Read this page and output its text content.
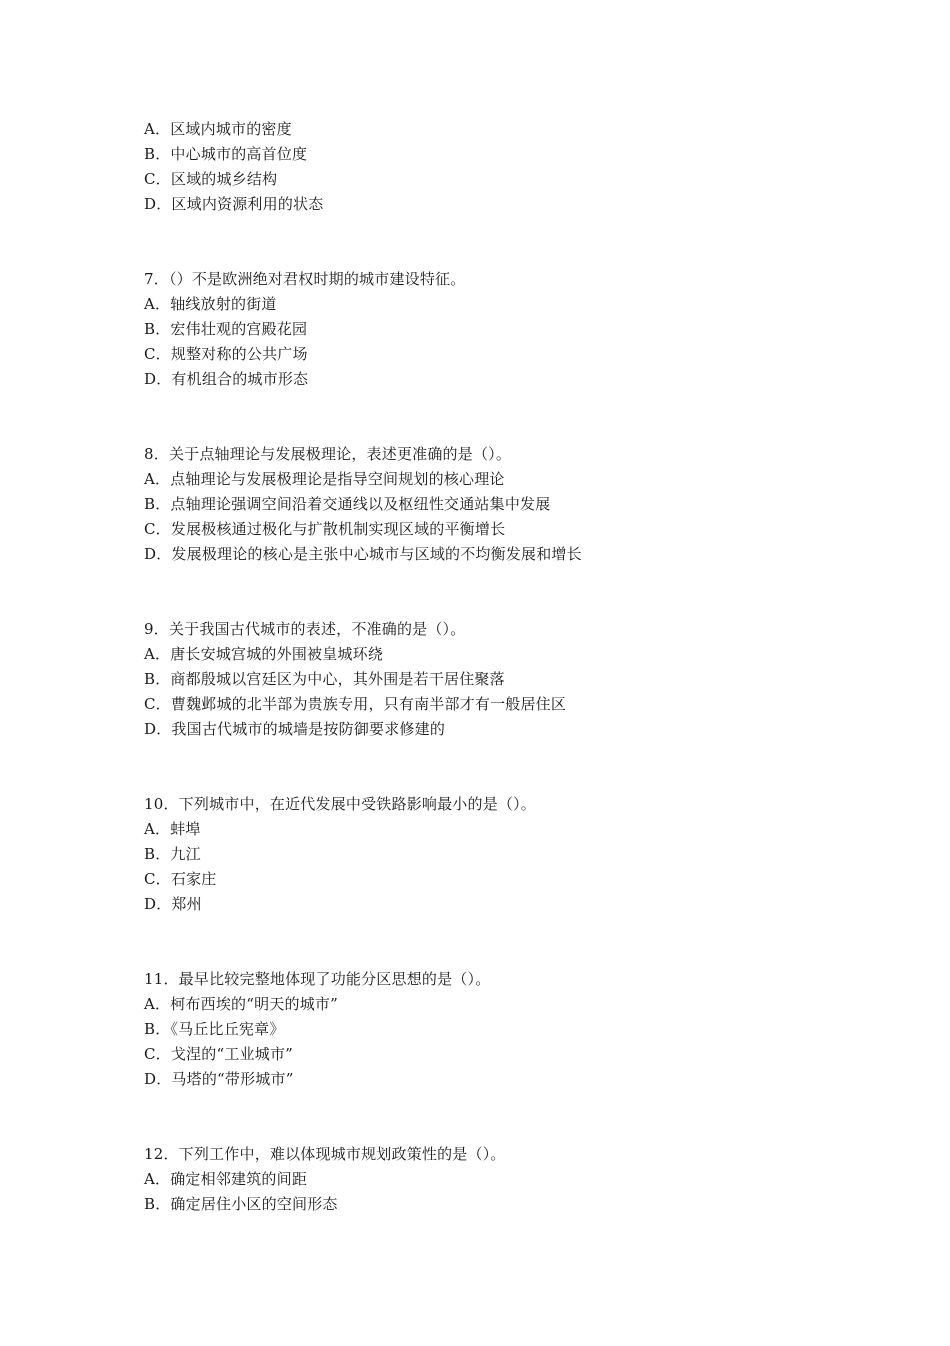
A．区域内城市的密度
B．中心城市的高首位度
C．区域的城乡结构
D．区域内资源利用的状态
7．（）不是欧洲绝对君权时期的城市建设特征。
A．轴线放射的街道
B．宏伟壮观的宫殿花园
C．规整对称的公共广场
D．有机组合的城市形态
8．关于点轴理论与发展极理论，表述更准确的是（）。
A．点轴理论与发展极理论是指导空间规划的核心理论
B．点轴理论强调空间沿着交通线以及枢纽性交通站集中发展
C．发展极核通过极化与扩散机制实现区域的平衡增长
D．发展极理论的核心是主张中心城市与区域的不均衡发展和增长
9．关于我国古代城市的表述，不准确的是（）。
A．唐长安城宫城的外围被皇城环绕
B．商都殷城以宫廷区为中心，其外围是若干居住聚落
C．曹魏邺城的北半部为贵族专用，只有南半部才有一般居住区
D．我国古代城市的城墙是按防御要求修建的
10．下列城市中，在近代发展中受铁路影响最小的是（）。
A．蚌埠
B．九江
C．石家庄
D．郑州
11．最早比较完整地体现了功能分区思想的是（）。
A．柯布西埃的“明天的城市”
B．《马丘比丘宪章》
C．戈涅的“工业城市”
D．马塔的“带形城市”
12．下列工作中，难以体现城市规划政策性的是（）。
A．确定相邻建筑的间距
B．确定居住小区的空间形态
